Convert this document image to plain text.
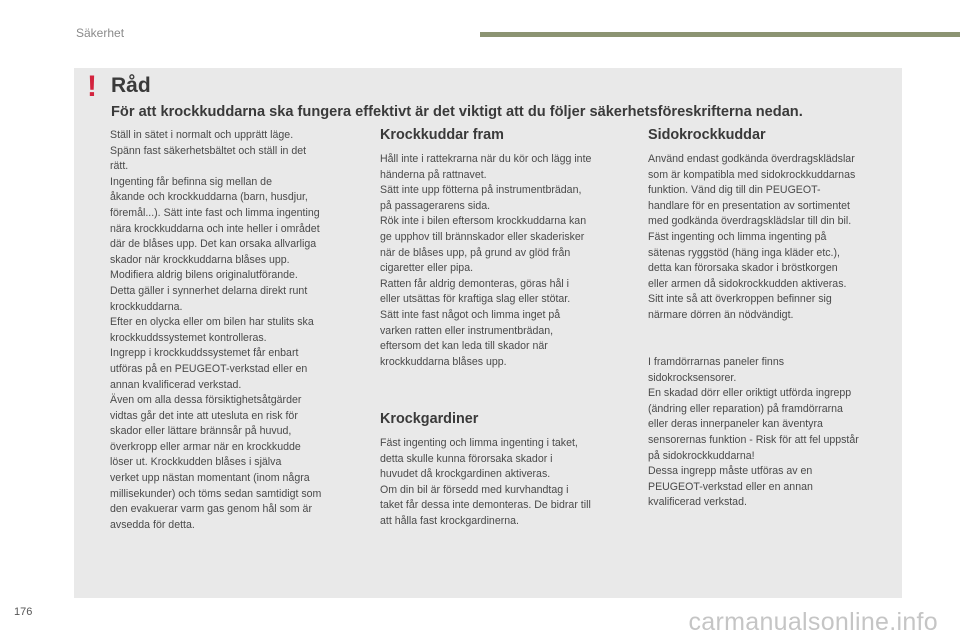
Säkerhet
! Råd
För att krockkuddarna ska fungera effektivt är det viktigt att du följer säkerhetsföreskrifterna nedan.

Ställ in sätet i normalt och upprätt läge.
Spänn fast säkerhetsbältet och ställ in det
rätt.
Ingenting får befinna sig mellan de
åkande och krockkuddarna (barn, husdjur,
föremål...). Sätt inte fast och limma ingenting
nära krockkuddarna och inte heller i området
där de blåses upp. Det kan orsaka allvarliga
skador när krockkuddarna blåses upp.
Modifiera aldrig bilens originalutförande.
Detta gäller i synnerhet delarna direkt runt
krockkuddarna.
Efter en olycka eller om bilen har stulits ska
krockkuddssystemet kontrolleras.
Ingrepp i krockkuddssystemet får enbart
utföras på en PEUGEOT-verkstad eller en
annan kvalificerad verkstad.
Även om alla dessa försiktighetsåtgärder
vidtas går det inte att utesluta en risk för
skador eller lättare brännsår på huvud,
överkropp eller armar när en krockkudde
löser ut. Krockkudden blåses i själva
verket upp nästan momentant (inom några
millisekunder) och töms sedan samtidigt som
den evakuerar varm gas genom hål som är
avsedda för detta.

Krockkuddar fram

Håll inte i rattekrarna när du kör och lägg inte
händerna på rattnavet.
Sätt inte upp fötterna på instrumentbrädan,
på passagerarens sida.
Rök inte i bilen eftersom krockkuddarna kan
ge upphov till brännskador eller skaderisker
när de blåses upp, på grund av glöd från
cigaretter eller pipa.
Ratten får aldrig demonteras, göras hål i
eller utsättas för kraftiga slag eller stötar.
Sätt inte fast något och limma inget på
varken ratten eller instrumentbrädan,
eftersom det kan leda till skador när
krockkuddarna blåses upp.

Krockgardiner

Fäst ingenting och limma ingenting i taket,
detta skulle kunna förorsaka skador i
huvudet då krockgardinen aktiveras.
Om din bil är försedd med kurvhandtag i
taket får dessa inte demonteras. De bidrar till
att hålla fast krockgardinerna.

Sidokrockkuddar

Använd endast godkända överdragsklädslar
som är kompatibla med sidokrockkuddarnas
funktion. Vänd dig till din PEUGEOT-
handlare för en presentation av sortimentet
med godkända överdragsklädslar till din bil.
Fäst ingenting och limma ingenting på
sätenas ryggstöd (häng inga kläder etc.),
detta kan förorsaka skador i bröstkorgen
eller armen då sidokrockkudden aktiveras.
Sitt inte så att överkroppen befinner sig
närmare dörren än nödvändigt.

I framdörrarnas paneler finns
sidokrocksensorer.
En skadad dörr eller oriktigt utförda ingrepp
(ändring eller reparation) på framdörrarna
eller deras innerpaneler kan äventyra
sensorernas funktion - Risk för att fel uppstår
på sidokrockkuddarna!
Dessa ingrepp måste utföras av en
PEUGEOT-verkstad eller en annan
kvalificerad verkstad.

176	carmanualsonline.info
